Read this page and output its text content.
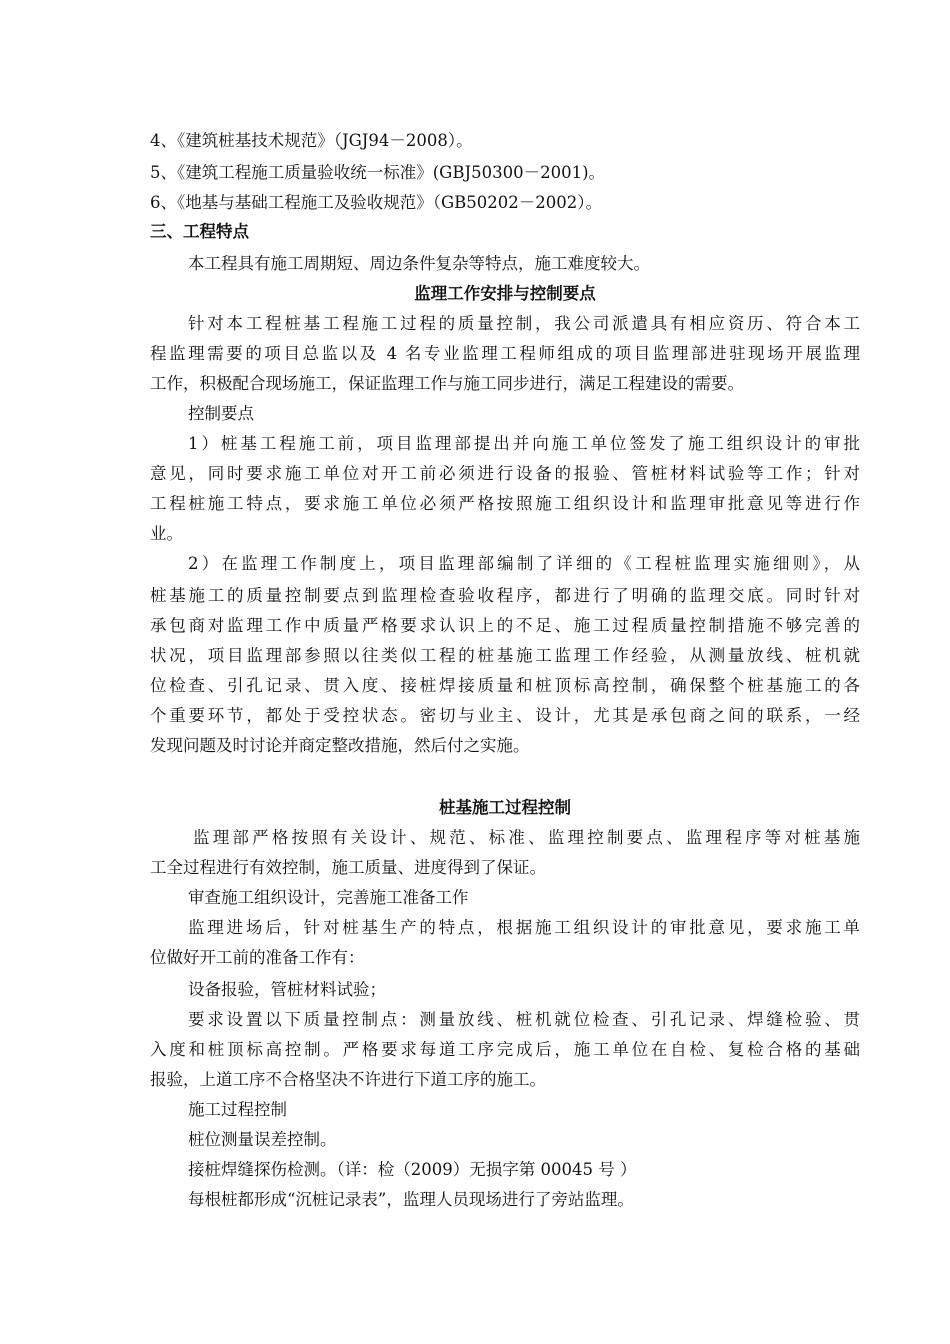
4、《建筑桩基技术规范》（JGJ94－2008）。
5、《建筑工程施工质量验收统一标准》(GBJ50300－2001)。
6、《地基与基础工程施工及验收规范》（GB50202－2002）。
三、工程特点
本工程具有施工周期短、周边条件复杂等特点，施工难度较大。
监理工作安排与控制要点
针对本工程桩基工程施工过程的质量控制，我公司派遣具有相应资历、符合本工
程监理需要的项目总监以及 4 名专业监理工程师组成的项目监理部进驻现场开展监理
工作，积极配合现场施工，保证监理工作与施工同步进行，满足工程建设的需要。
控制要点
1）桩基工程施工前，项目监理部提出并向施工单位签发了施工组织设计的审批
意见，同时要求施工单位对开工前必须进行设备的报验、管桩材料试验等工作；针对
工程桩施工特点，要求施工单位必须严格按照施工组织设计和监理审批意见等进行作
业。
2）在监理工作制度上，项目监理部编制了详细的《工程桩监理实施细则》，从
桩基施工的质量控制要点到监理检查验收程序，都进行了明确的监理交底。同时针对
承包商对监理工作中质量严格要求认识上的不足、施工过程质量控制措施不够完善的
状况，项目监理部参照以往类似工程的桩基施工监理工作经验，从测量放线、桩机就
位检查、引孔记录、贯入度、接桩焊接质量和桩顶标高控制，确保整个桩基施工的各
个重要环节，都处于受控状态。密切与业主、设计，尤其是承包商之间的联系，一经
发现问题及时讨论并商定整改措施，然后付之实施。
桩基施工过程控制
监理部严格按照有关设计、规范、标准、监理控制要点、监理程序等对桩基施
工全过程进行有效控制，施工质量、进度得到了保证。
审查施工组织设计，完善施工准备工作
监理进场后，针对桩基生产的特点，根据施工组织设计的审批意见，要求施工单
位做好开工前的准备工作有：
设备报验，管桩材料试验；
要求设置以下质量控制点：测量放线、桩机就位检查、引孔记录、焊缝检验、贯
入度和桩顶标高控制。严格要求每道工序完成后，施工单位在自检、复检合格的基础
报验，上道工序不合格坚决不许进行下道工序的施工。
施工过程控制
桩位测量误差控制。
接桩焊缝探伤检测。（详：检（2009）无损字第 00045 号 ）
每根桩都形成“沉桩记录表”，监理人员现场进行了旁站监理。
